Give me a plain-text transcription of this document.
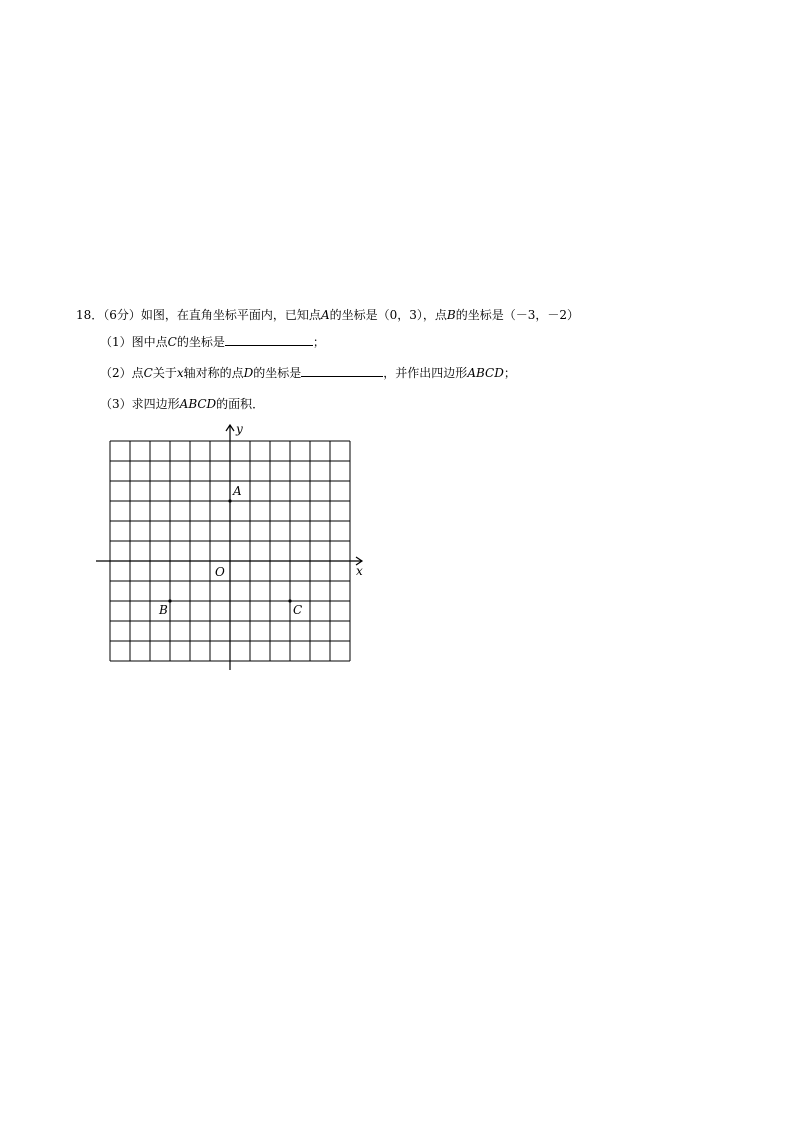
18．（6分）如图，在直角坐标平面内，已知点A的坐标是（0，3），点B的坐标是（－3，－2）
（1）图中点C的坐标是	；
（2）点C关于x轴对称的点D的坐标是	，并作出四边形ABCD；
（3）求四边形ABCD的面积．
x
y
O
A
B	C
